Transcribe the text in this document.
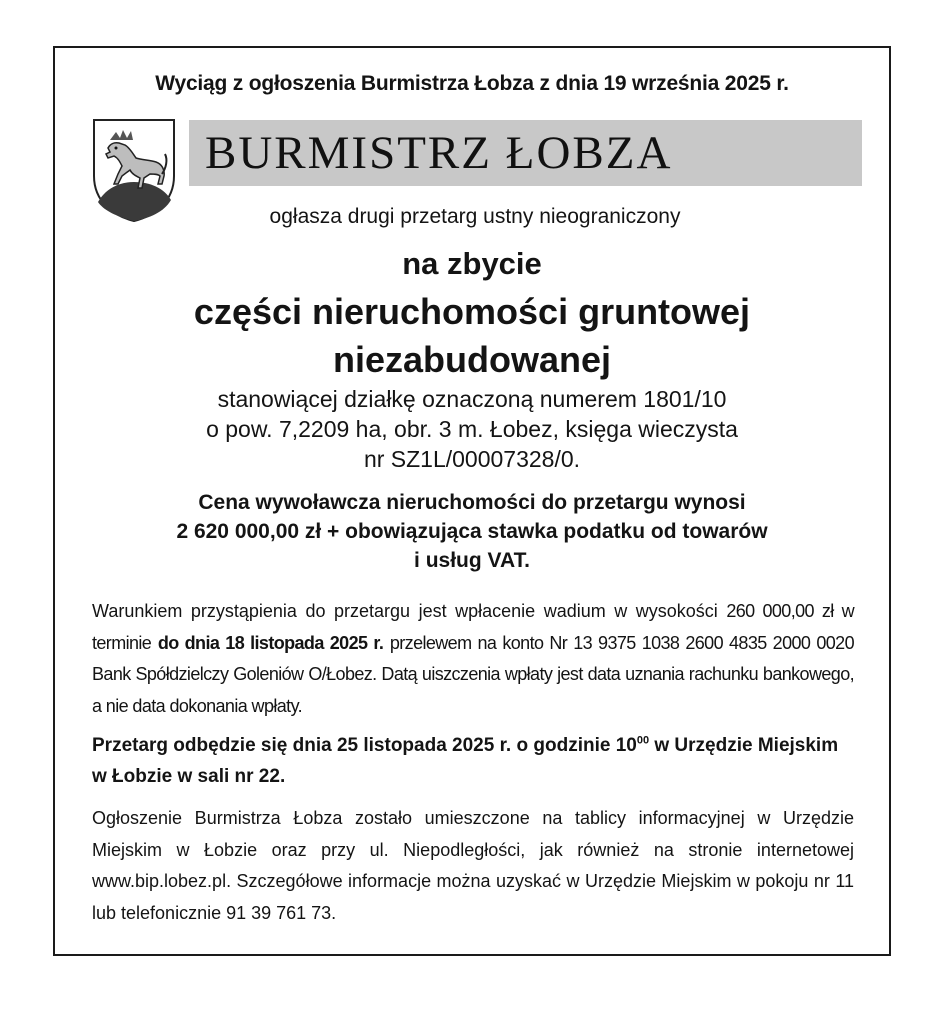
Wyciąg z ogłoszenia Burmistrza Łobza z dnia 19 września 2025 r.
BURMISTRZ ŁOBZA
ogłasza drugi przetarg ustny nieograniczony
na zbycie
części nieruchomości gruntowej
niezabudowanej
stanowiącej działkę oznaczoną numerem 1801/10
o pow. 7,2209 ha, obr. 3 m. Łobez, księga wieczysta
nr SZ1L/00007328/0.
Cena wywoławcza nieruchomości do przetargu wynosi
2 620 000,00 zł + obowiązująca stawka podatku od towarów
i usług VAT.
Warunkiem przystąpienia do przetargu jest wpłacenie wadium w wysokości 260 000,00 zł w terminie do dnia 18 listopada 2025 r. przelewem na konto Nr 13 9375 1038 2600 4835 2000 0020 Bank Spółdzielczy Goleniów O/Łobez. Datą uiszczenia wpłaty jest data uznania rachunku bankowego, a nie data dokonania wpłaty.
Przetarg odbędzie się dnia 25 listopada 2025 r. o godzinie $10^{00}$ w Urzędzie Miejskim w Łobzie w sali nr 22.
Ogłoszenie Burmistrza Łobza zostało umieszczone na tablicy informacyjnej w Urzędzie Miejskim w Łobzie oraz przy ul. Niepodległości, jak również na stronie internetowej www.bip.lobez.pl. Szczegółowe informacje można uzyskać w Urzędzie Miejskim w pokoju nr 11 lub telefonicznie 91 39 761 73.
